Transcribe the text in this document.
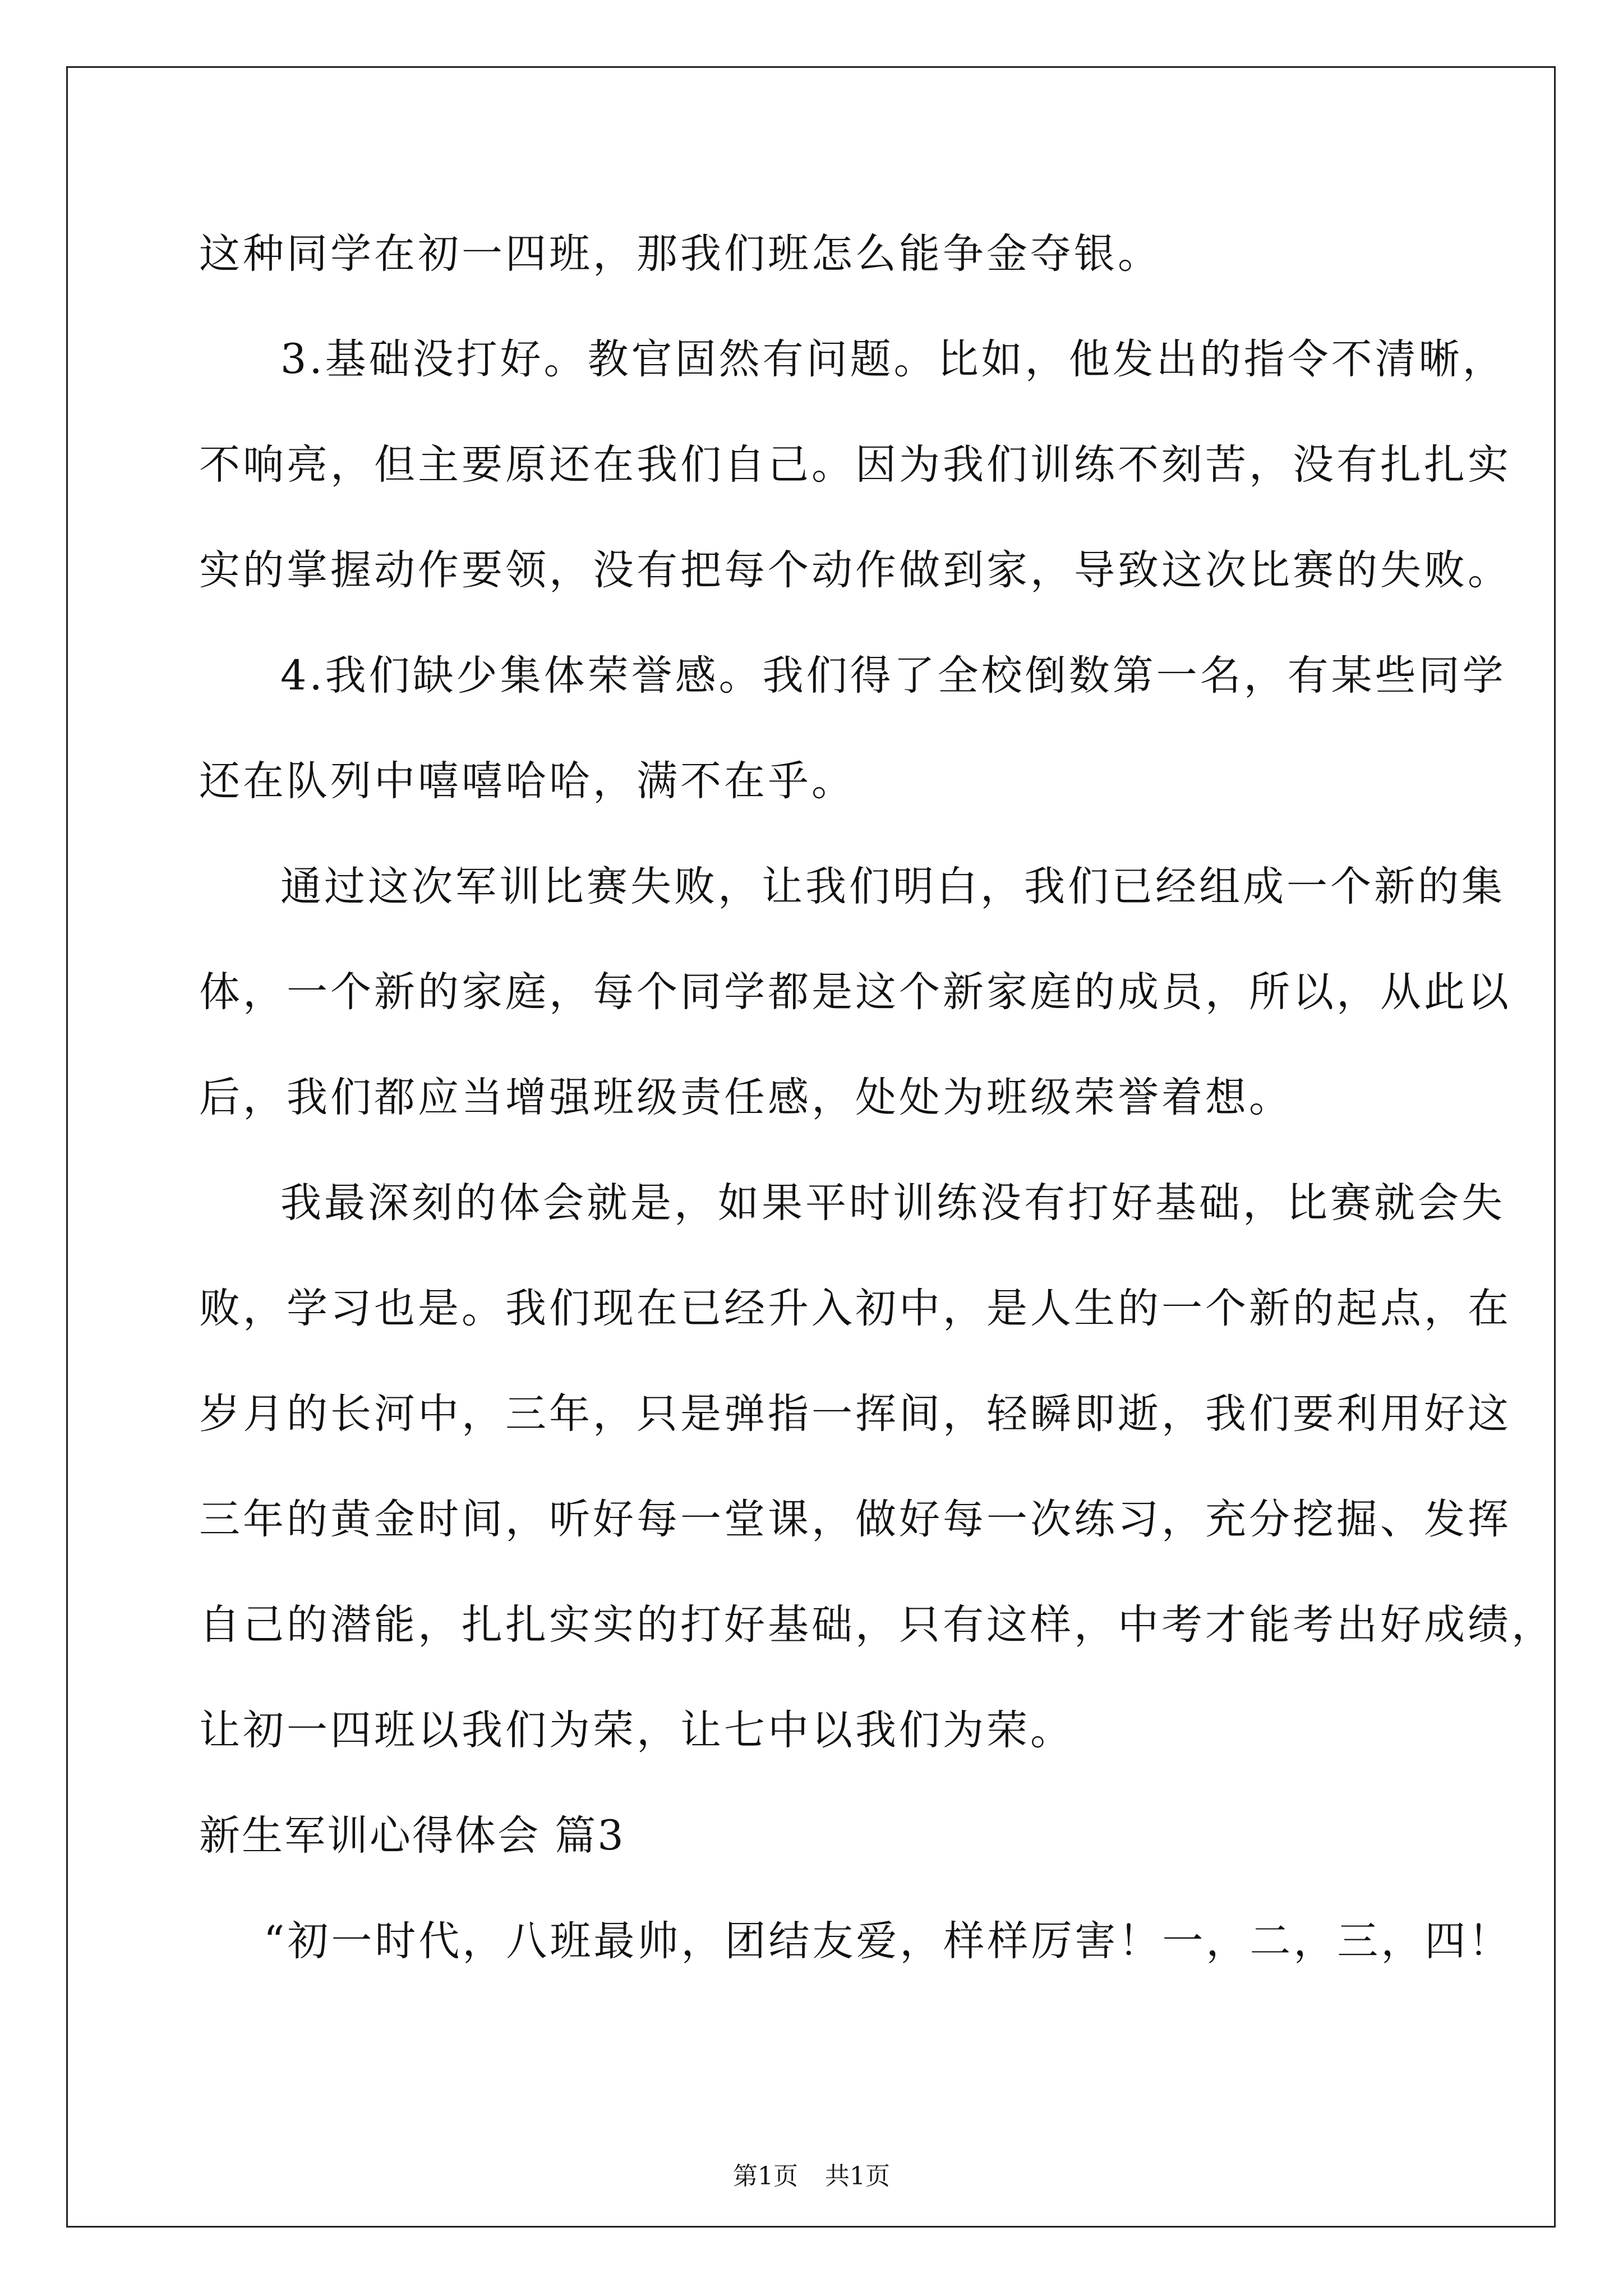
这种同学在初一四班，那我们班怎么能争金夺银。
3.基础没打好。教官固然有问题。比如，他发出的指令不清晰，
不响亮，但主要原还在我们自己。因为我们训练不刻苦，没有扎扎实
实的掌握动作要领，没有把每个动作做到家，导致这次比赛的失败。
4.我们缺少集体荣誉感。我们得了全校倒数第一名，有某些同学
还在队列中嘻嘻哈哈，满不在乎。
通过这次军训比赛失败，让我们明白，我们已经组成一个新的集
体，一个新的家庭，每个同学都是这个新家庭的成员，所以，从此以
后，我们都应当增强班级责任感，处处为班级荣誉着想。
我最深刻的体会就是，如果平时训练没有打好基础，比赛就会失
败，学习也是。我们现在已经升入初中，是人生的一个新的起点，在
岁月的长河中，三年，只是弹指一挥间，轻瞬即逝，我们要利用好这
三年的黄金时间，听好每一堂课，做好每一次练习，充分挖掘、发挥
自己的潜能，扎扎实实的打好基础，只有这样，中考才能考出好成绩，
让初一四班以我们为荣，让七中以我们为荣。
新生军训心得体会 篇3
“初一时代，八班最帅，团结友爱，样样厉害！一，二，三，四！
第1页 共1页
